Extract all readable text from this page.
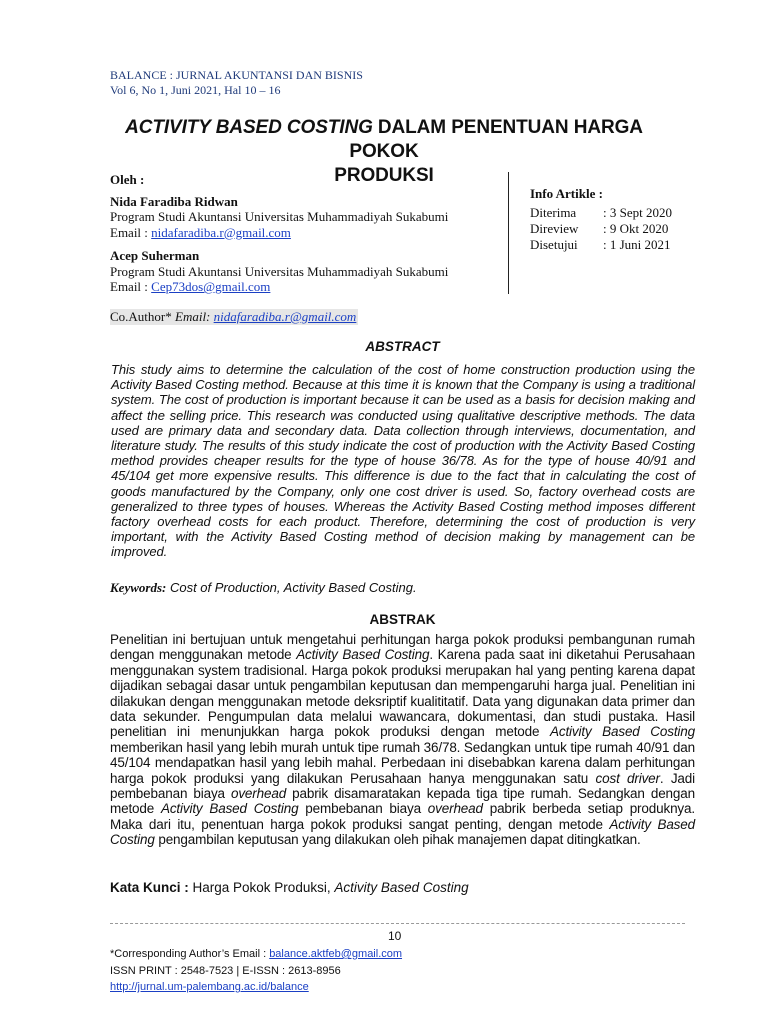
BALANCE : JURNAL AKUNTANSI DAN BISNIS
Vol 6, No 1, Juni 2021, Hal 10 – 16
ACTIVITY BASED COSTING DALAM PENENTUAN HARGA POKOK
PRODUKSI
Oleh :
Nida Faradiba Ridwan
Program Studi Akuntansi Universitas Muhammadiyah Sukabumi
Email : nidafaradiba.r@gmail.com
Acep Suherman
Program Studi Akuntansi Universitas Muhammadiyah Sukabumi
Email : Cep73dos@gmail.com
Info Artikle :
Diterima	: 3 Sept 2020
Direview	: 9 Okt 2020
Disetujui	: 1 Juni 2021
Co.Author* Email: nidafaradiba.r@gmail.com
ABSTRACT
This study aims to determine the calculation of the cost of home construction production using the Activity Based Costing method. Because at this time it is known that the Company is using a traditional system. The cost of production is important because it can be used as a basis for decision making and affect the selling price. This research was conducted using qualitative descriptive methods. The data used are primary data and secondary data. Data collection through interviews, documentation, and literature study. The results of this study indicate the cost of production with the Activity Based Costing method provides cheaper results for the type of house 36/78. As for the type of house 40/91 and 45/104 get more expensive results. This difference is due to the fact that in calculating the cost of goods manufactured by the Company, only one cost driver is used. So, factory overhead costs are generalized to three types of houses. Whereas the Activity Based Costing method imposes different factory overhead costs for each product. Therefore, determining the cost of production is very important, with the Activity Based Costing method of decision making by management can be improved.
Keywords: Cost of Production, Activity Based Costing.
ABSTRAK
Penelitian ini bertujuan untuk mengetahui perhitungan harga pokok produksi pembangunan rumah dengan menggunakan metode Activity Based Costing. Karena pada saat ini diketahui Perusahaan menggunakan system tradisional. Harga pokok produksi merupakan hal yang penting karena dapat dijadikan sebagai dasar untuk pengambilan keputusan dan mempengaruhi harga jual. Penelitian ini dilakukan dengan menggunakan metode deksriptif kualititatif. Data yang digunakan data primer dan data sekunder. Pengumpulan data melalui wawancara, dokumentasi, dan studi pustaka. Hasil penelitian ini menunjukkan harga pokok produksi dengan metode Activity Based Costing memberikan hasil yang lebih murah untuk tipe rumah 36/78. Sedangkan untuk tipe rumah 40/91 dan 45/104 mendapatkan hasil yang lebih mahal. Perbedaan ini disebabkan karena dalam perhitungan harga pokok produksi yang dilakukan Perusahaan hanya menggunakan satu cost driver. Jadi pembebanan biaya overhead pabrik disamaratakan kepada tiga tipe rumah. Sedangkan dengan metode Activity Based Costing pembebanan biaya overhead pabrik berbeda setiap produknya. Maka dari itu, penentuan harga pokok produksi sangat penting, dengan metode Activity Based Costing pengambilan keputusan yang dilakukan oleh pihak manajemen dapat ditingkatkan.
Kata Kunci : Harga Pokok Produksi, Activity Based Costing
10
*Corresponding Author’s Email : balance.aktfeb@gmail.com
ISSN PRINT : 2548-7523 | E-ISSN : 2613-8956
http://jurnal.um-palembang.ac.id/balance
